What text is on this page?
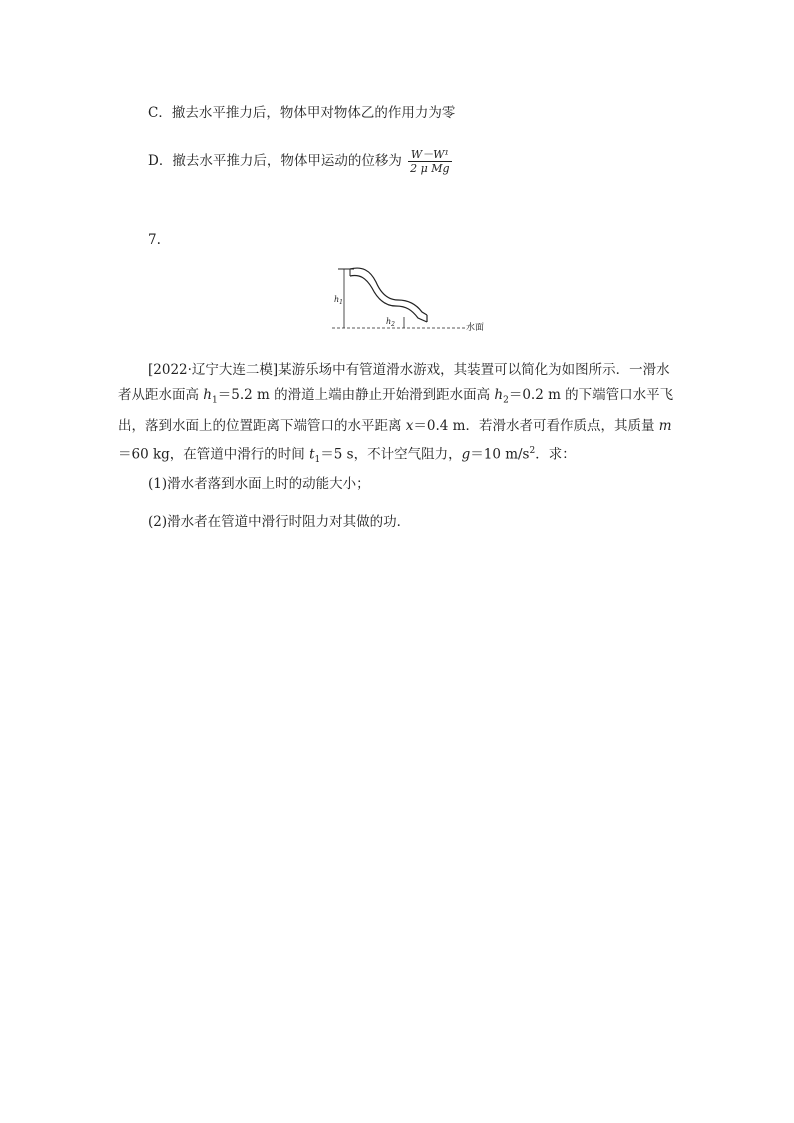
C．撤去水平推力后，物体甲对物体乙的作用力为零
D．撤去水平推力后，物体甲运动的位移为 $\frac{\text{W－W¹}}{\text{2 μ Mg}}$
7.
$h_1$
$h_2$	水面

[2022·辽宁大连二模]某游乐场中有管道滑水游戏，其装置可以简化为如图所示．一滑水者从距水面高 $h_1=5.2$ m 的滑道上端由静止开始滑到距水面高 $h_2=0.2$ m 的下端管口水平飞出，落到水面上的位置距离下端管口的水平距离 x＝0.4 m．若滑水者可看作质点，其质量 m＝60 kg，在管道中滑行的时间 $t_1=5$ s，不计空气阻力，g＝10 $m/s^2$．求：

(1)滑水者落到水面上时的动能大小；
(2)滑水者在管道中滑行时阻力对其做的功．
